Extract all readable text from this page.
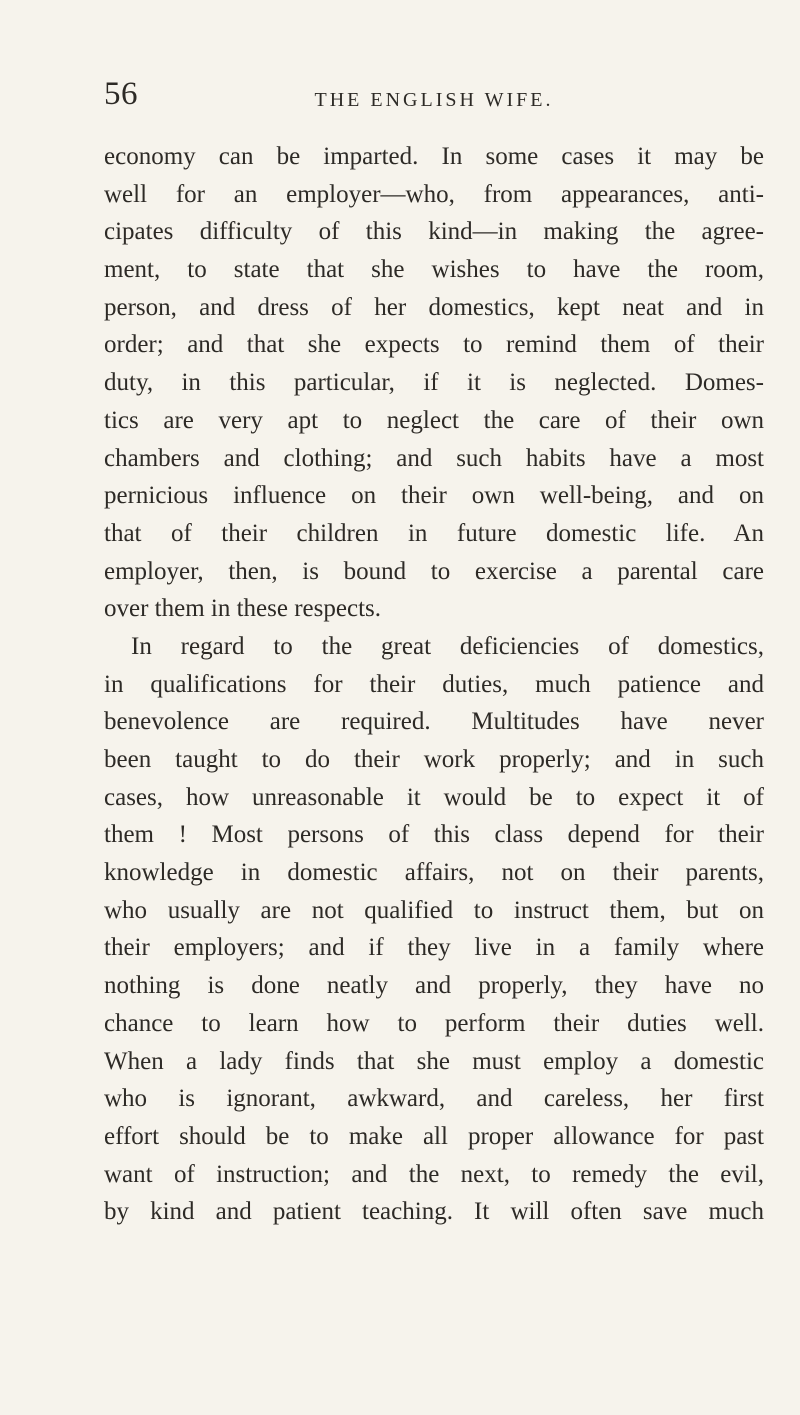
56	THE ENGLISH WIFE.
economy can be imparted. In some cases it may be
well for an employer—who, from appearances, anti-
cipates difficulty of this kind—in making the agree-
ment, to state that she wishes to have the room,
person, and dress of her domestics, kept neat and in
order; and that she expects to remind them of their
duty, in this particular, if it is neglected. Domes-
tics are very apt to neglect the care of their own
chambers and clothing; and such habits have a most
pernicious influence on their own well-being, and on
that of their children in future domestic life. An
employer, then, is bound to exercise a parental care
over them in these respects.
In regard to the great deficiencies of domestics,
in qualifications for their duties, much patience and
benevolence are required. Multitudes have never
been taught to do their work properly; and in such
cases, how unreasonable it would be to expect it of
them ! Most persons of this class depend for their
knowledge in domestic affairs, not on their parents,
who usually are not qualified to instruct them, but on
their employers; and if they live in a family where
nothing is done neatly and properly, they have no
chance to learn how to perform their duties well.
When a lady finds that she must employ a domestic
who is ignorant, awkward, and careless, her first
effort should be to make all proper allowance for past
want of instruction; and the next, to remedy the evil,
by kind and patient teaching. It will often save much
